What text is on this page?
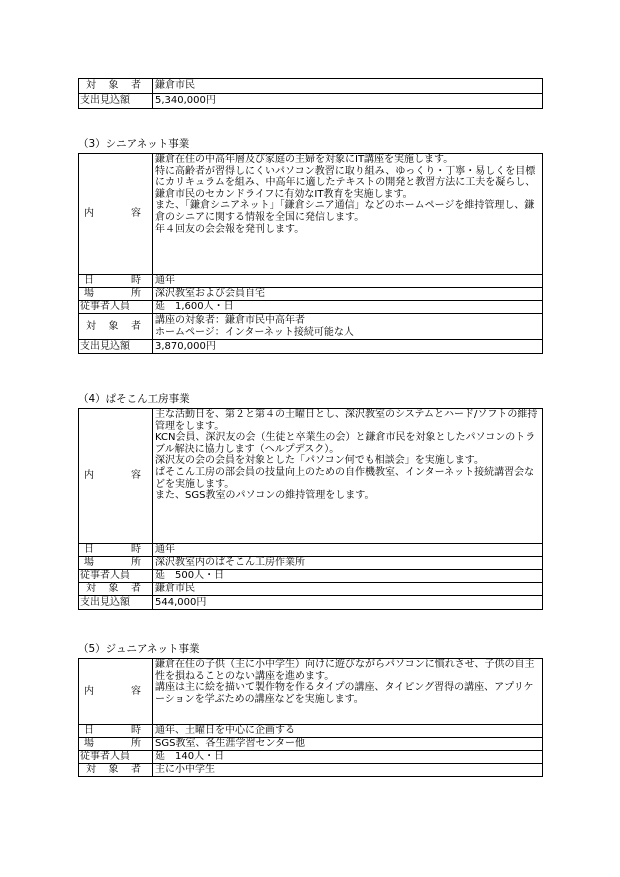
対 象 者	鎌倉市民
支出見込額	5,340,000円
（3）シニアネット事業
内 容	鎌倉在住の中高年層及び家庭の主婦を対象にIT講座を実施します。
特に高齢者が習得しにくいパソコン教習に取り組み、ゆっくり・丁寧・易しくを目標にカリキュラムを組み、中高年に適したテキストの開発と教習方法に工夫を凝らし、鎌倉市民のセカンドライフに有効なIT教育を実施します。
また、「鎌倉シニアネット」「鎌倉シニア通信」などのホームページを維持管理し、鎌倉のシニアに関する情報を全国に発信します。
年４回友の会会報を発刊します。

日 時	通年

場 所	深沢教室および会員自宅
従事者人員	延　1,600人・日

対 象 者	講座の対象者：鎌倉市民中高年者
ホームページ：インターネット接続可能な人
支出見込額	3,870,000円
（4）ぱそこん工房事業
内 容	主な活動日を、第２と第４の土曜日とし、深沢教室のシステムとハード/ソフトの維持管理をします。
KCN会員、深沢友の会（生徒と卒業生の会）と鎌倉市民を対象としたパソコンのトラブル解決に協力します（ヘルプデスク）。
深沢友の会の会員を対象とした「パソコン何でも相談会」を実施します。
ぱそこん工房の部会員の技量向上のための自作機教室、インターネット接続講習会などを実施します。
また、SGS教室のパソコンの維持管理をします。

日 時	通年

場 所	深沢教室内のぱそこん工房作業所
従事者人員	延　500人・日

対 象 者	鎌倉市民
支出見込額	544,000円
（5）ジュニアネット事業
内 容	鎌倉在住の子供（主に小中学生）向けに遊びながらパソコンに慣れさせ、子供の自主性を損ねることのない講座を進めます。
講座は主に絵を描いて製作物を作るタイプの講座、タイピング習得の講座、アプリケーションを学ぶための講座などを実施します。

日 時	通年、土曜日を中心に企画する

場 所	SGS教室、各生涯学習センター他
従事者人員	延　140人・日

対 象 者	主に小中学生
